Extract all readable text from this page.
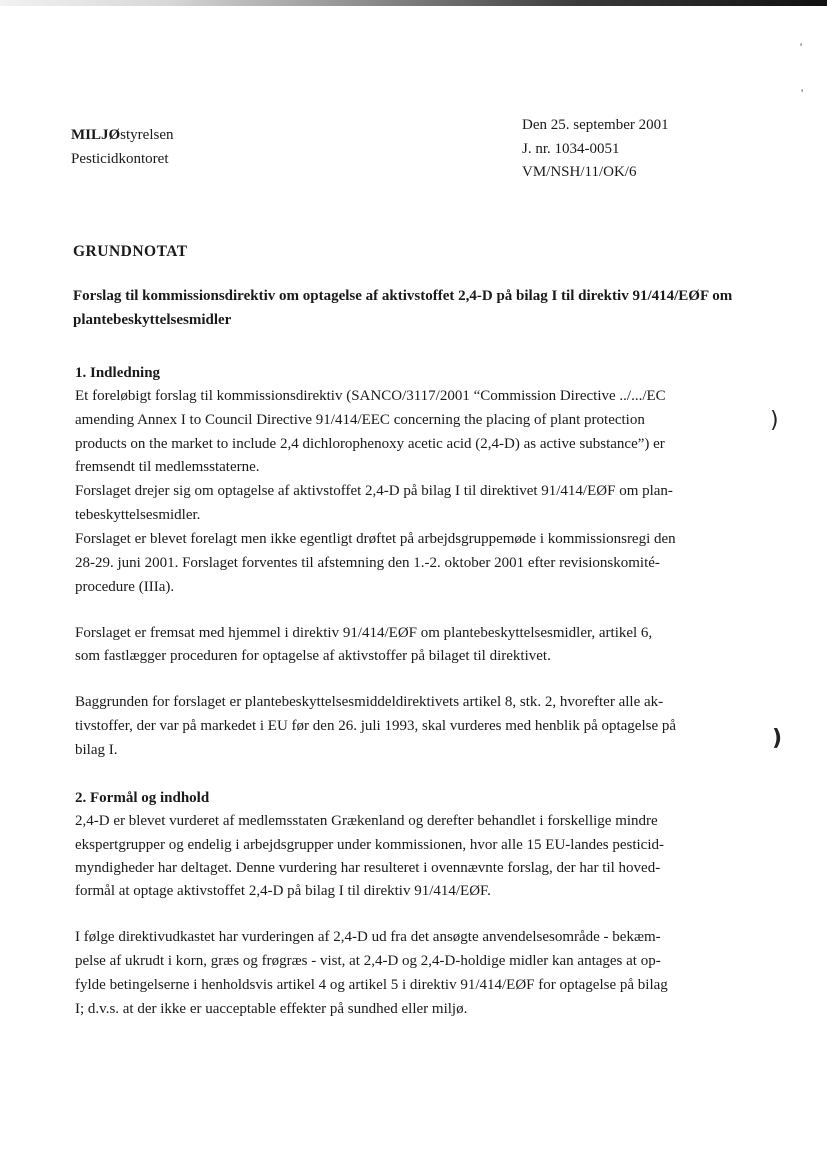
MILJØstyrelsen
Pesticidkontoret
Den 25. september 2001
J. nr. 1034-0051
VM/NSH/11/OK/6
GRUNDNOTAT
Forslag til kommissionsdirektiv om optagelse af aktivstoffet 2,4-D på bilag I til direktiv 91/414/EØF om plantebeskyttelsesmidler
1. Indledning
Et foreløbigt forslag til kommissionsdirektiv (SANCO/3117/2001 “Commission Directive ../.../EC
amending Annex I to Council Directive 91/414/EEC concerning the placing of plant protection
products on the market to include 2,4 dichlorophenoxy acetic acid (2,4-D) as active substance”) er
fremsendt til medlemsstaterne.
Forslaget drejer sig om optagelse af aktivstoffet 2,4-D på bilag I til direktivet 91/414/EØF om plan-
tebeskyttelsesmidler.
Forslaget er blevet forelagt men ikke egentligt drøftet på arbejdsgruppemøde i kommissionsregi den
28-29. juni 2001. Forslaget forventes til afstemning den 1.-2. oktober 2001 efter revisionskomité-
procedure (IIIa).
Forslaget er fremsat med hjemmel i direktiv 91/414/EØF om plantebeskyttelsesmidler, artikel 6,
som fastlægger proceduren for optagelse af aktivstoffer på bilaget til direktivet.
Baggrunden for forslaget er plantebeskyttelsesmiddeldirektivets artikel 8, stk. 2, hvorefter alle ak-
tivstoffer, der var på markedet i EU før den 26. juli 1993, skal vurderes med henblik på optagelse på
bilag I.
2. Formål og indhold
2,4-D er blevet vurderet af medlemsstaten Grækenland og derefter behandlet i forskellige mindre
ekspertgrupper og endelig i arbejdsgrupper under kommissionen, hvor alle 15 EU-landes pesticid-
myndigheder har deltaget. Denne vurdering har resulteret i ovennævnte forslag, der har til hoved-
formål at optage aktivstoffet 2,4-D på bilag I til direktiv 91/414/EØF.
I følge direktivudkastet har vurderingen af 2,4-D ud fra det ansøgte anvendelsesområde - bekæm-
pelse af ukrudt i korn, græs og frøgræs - vist, at 2,4-D og 2,4-D-holdige midler kan antages at op-
fylde betingelserne i henholdsvis artikel 4 og artikel 5 i direktiv 91/414/EØF for optagelse på bilag
I; d.v.s. at der ikke er uacceptable effekter på sundhed eller miljø.
)
)
'
'
